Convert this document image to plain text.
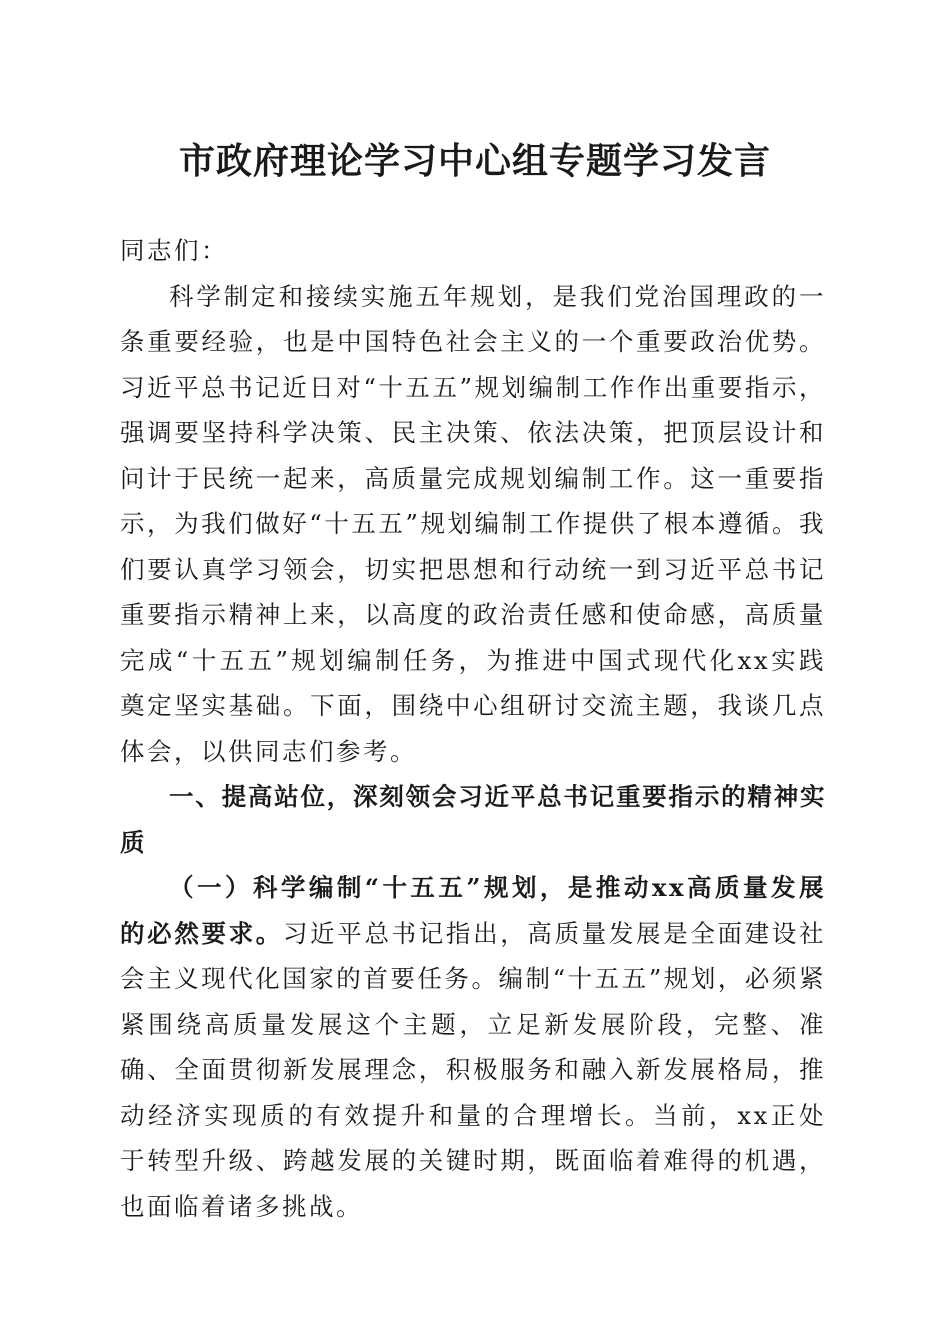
市政府理论学习中心组专题学习发言

同志们：

科学制定和接续实施五年规划，是我们党治国理政的一条重要经验，也是中国特色社会主义的一个重要政治优势。习近平总书记近日对“十五五”规划编制工作作出重要指示，强调要坚持科学决策、民主决策、依法决策，把顶层设计和问计于民统一起来，高质量完成规划编制工作。这一重要指示，为我们做好“十五五”规划编制工作提供了根本遵循。我们要认真学习领会，切实把思想和行动统一到习近平总书记重要指示精神上来，以高度的政治责任感和使命感，高质量完成“十五五”规划编制任务，为推进中国式现代化xx实践奠定坚实基础。下面，围绕中心组研讨交流主题，我谈几点体会，以供同志们参考。

一、提高站位，深刻领会习近平总书记重要指示的精神实质

（一）科学编制“十五五”规划，是推动xx高质量发展的必然要求。习近平总书记指出，高质量发展是全面建设社会主义现代化国家的首要任务。编制“十五五”规划，必须紧紧围绕高质量发展这个主题，立足新发展阶段，完整、准确、全面贯彻新发展理念，积极服务和融入新发展格局，推动经济实现质的有效提升和量的合理增长。当前，xx正处于转型升级、跨越发展的关键时期，既面临着难得的机遇，也面临着诸多挑战。
